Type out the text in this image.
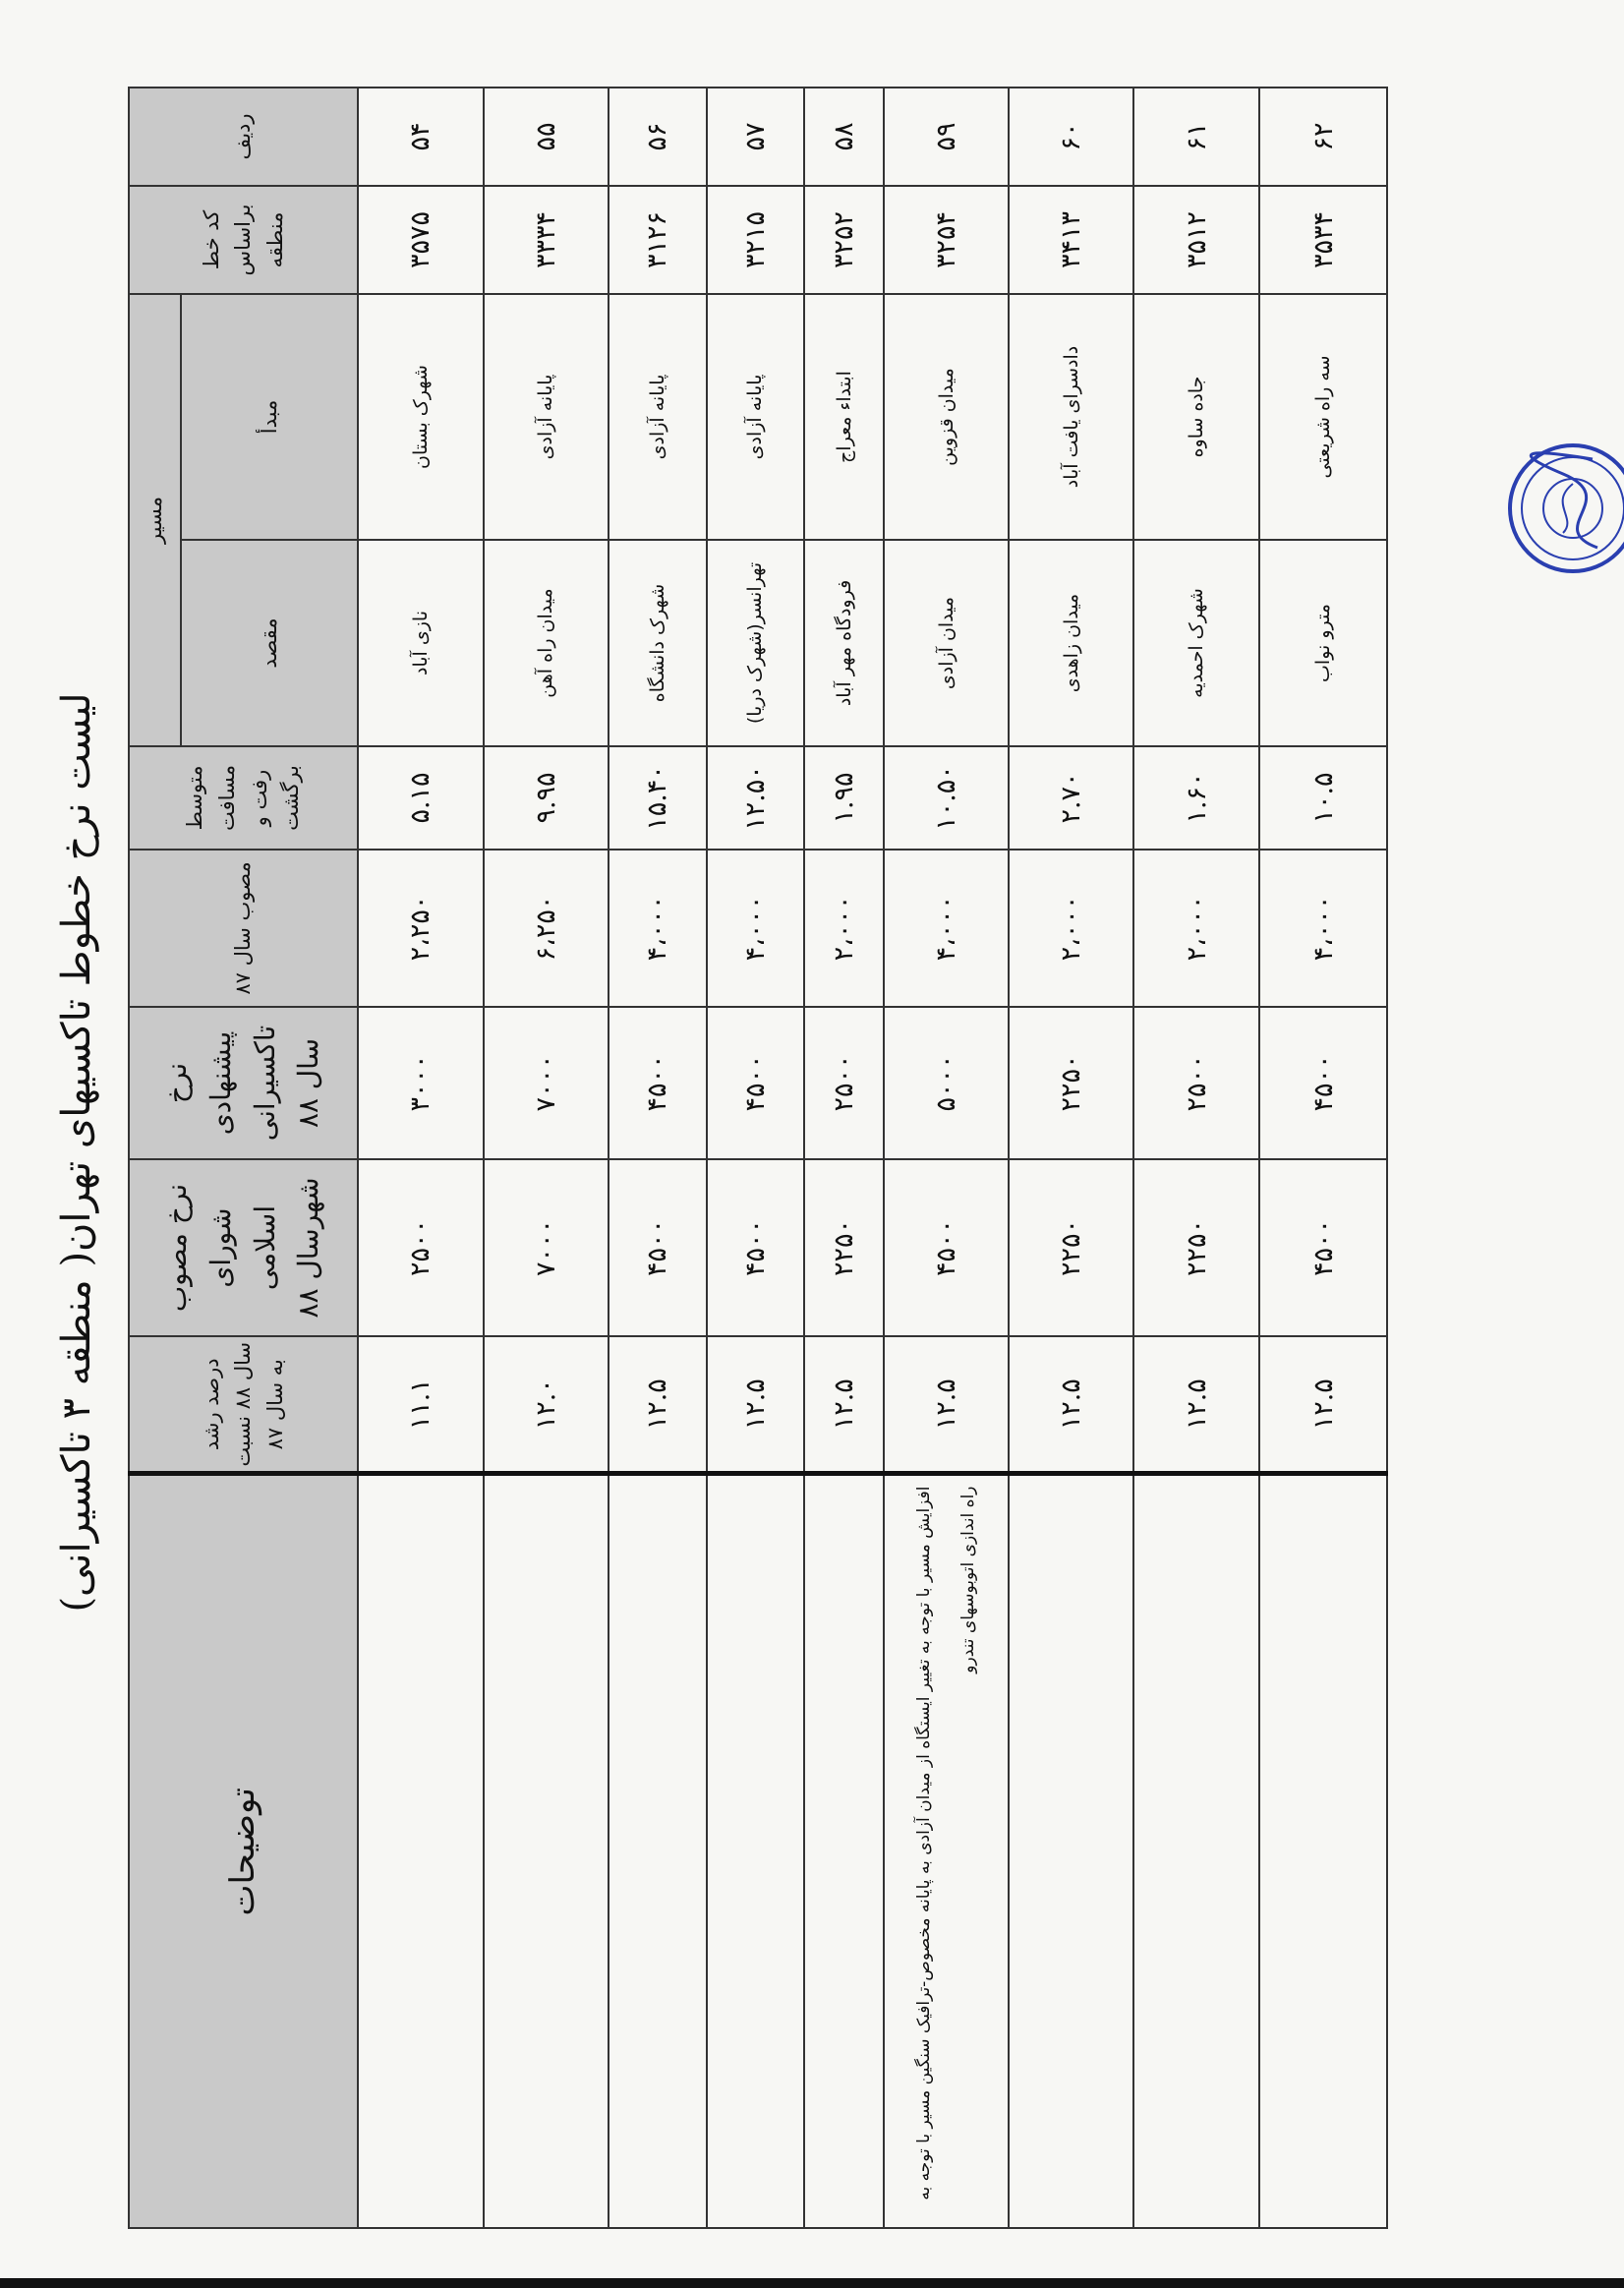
لیست نرخ خطوط تاکسیهای تهران( منطقه ۳ تاکسیرانی)
ردیف	کد خط براساس منطقه	مسیر		متوسط مسافت رفت و برگشت	مصوب سال ۸۷	نرخ پیشنهادی تاکسیرانی سال ۸۸	نرخ مصوب شورای اسلامی شهرسال ۸۸	درصد رشد سال ۸۸ نسبت به سال ۸۷	توضیحات
		مبدأ	مقصد						
۵۴	۳۵۷۵	شهرک بستان	نازی آباد	۵.۱۵	۲،۲۵۰	۳۰۰۰	۲۵۰۰	۱۱.۱	
۵۵	۳۳۳۴	پایانه آزادی	میدان راه آهن	۹.۹۵	۶،۲۵۰	۷۰۰۰	۷۰۰۰	۱۲.۰	
۵۶	۳۱۲۶	پایانه آزادی	شهرک دانشگاه	۱۵.۴۰	۴،۰۰۰	۴۵۰۰	۴۵۰۰	۱۲.۵	
۵۷	۳۲۱۵	پایانه آزادی	تهرانسر(شهرک دریا)	۱۲.۵۰	۴،۰۰۰	۴۵۰۰	۴۵۰۰	۱۲.۵	
۵۸	۳۲۵۲	ابتداء معراج	فرودگاه مهر آباد	۱.۹۵	۲،۰۰۰	۲۵۰۰	۲۲۵۰	۱۲.۵	
۵۹	۳۲۵۴	میدان قزوین	میدان آزادی	۱۰.۵۰	۴،۰۰۰	۵۰۰۰	۴۵۰۰	۱۲.۵	افزایش مسیر با توجه به تغییر ایستگاه از میدان آزادی به پایانه مخصوص-ترافیک سنگین مسیر با توجه به راه اندازی اتوبوسهای تندرو
۶۰	۳۴۱۳	دادسرای یافت آباد	میدان زاهدی	۲.۷۰	۲،۰۰۰	۲۲۵۰	۲۲۵۰	۱۲.۵	
۶۱	۳۵۱۲	جاده ساوه	شهرک احمدیه	۱.۶۰	۲،۰۰۰	۲۵۰۰	۲۲۵۰	۱۲.۵	
۶۲	۳۵۳۴	سه راه شریعتی	مترو نواب	۱۰.۵	۴،۰۰۰	۴۵۰۰	۴۵۰۰	۱۲.۵	
